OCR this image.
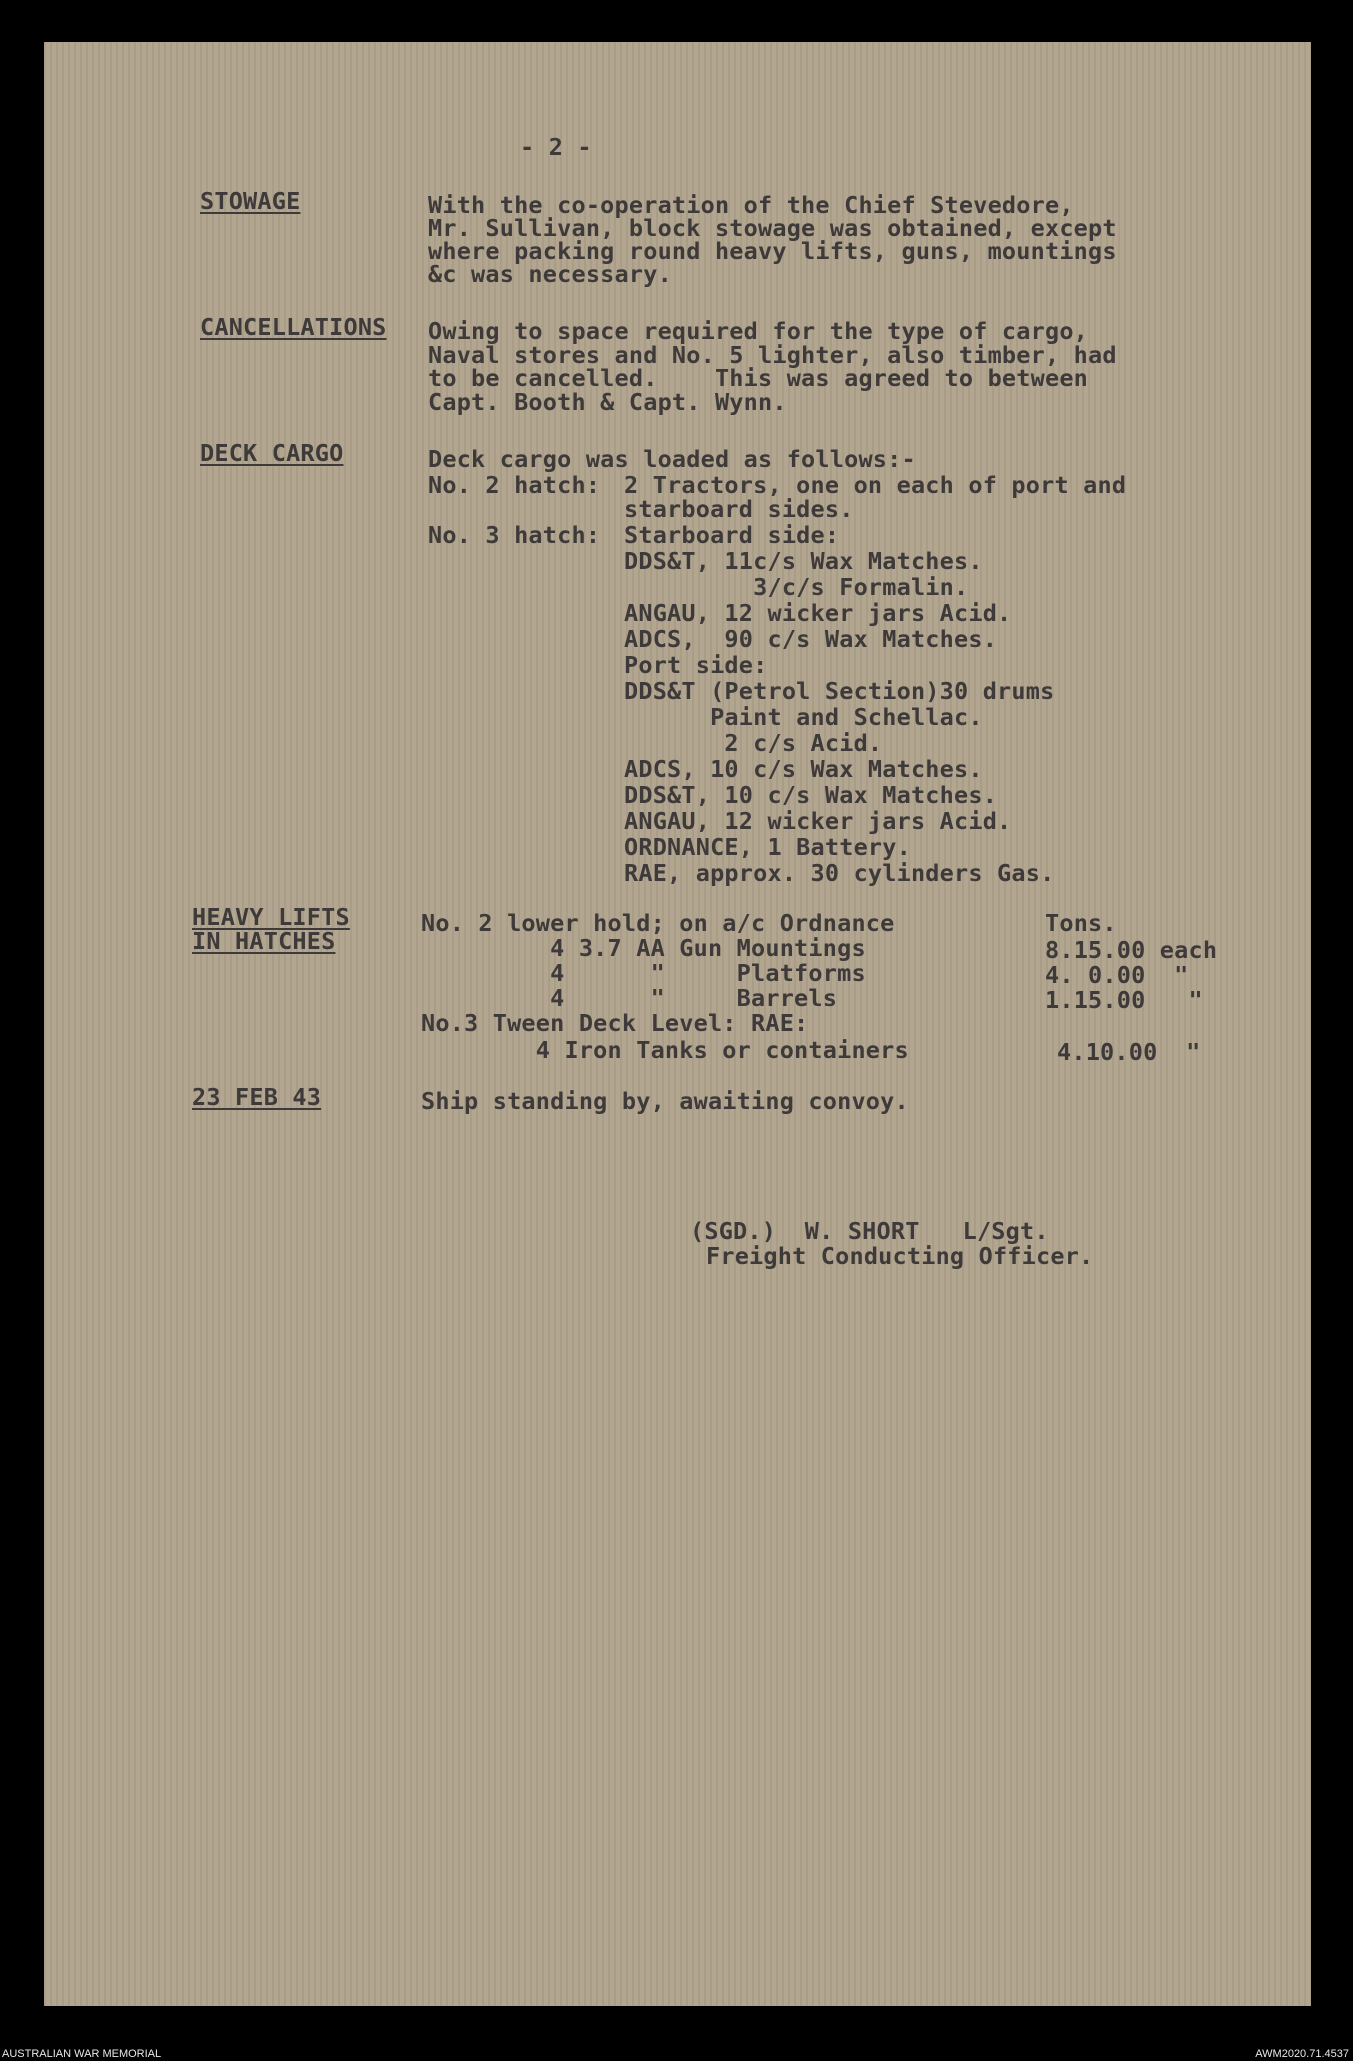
- 2 -
STOWAGE	With the co-operation of the Chief Stevedore,
Mr. Sullivan, block stowage was obtained, except
where packing round heavy lifts, guns, mountings
&c was necessary.
CANCELLATIONS Owing to space required for the type of cargo,
Naval stores and No. 5 lighter, also timber, had
to be cancelled.    This was agreed to between
Capt. Booth & Capt. Wynn.
DECK CARGO	Deck cargo was loaded as follows:-
No. 2 hatch: 2 Tractors, one on each of port and
starboard sides.
No. 3 hatch: Starboard side:
DDS&T, 11c/s Wax Matches.
3/c/s Formalin.
ANGAU, 12 wicker jars Acid.
ADCS,  90 c/s Wax Matches.
Port side:
DDS&T (Petrol Section)30 drums
Paint and Schellac.
2 c/s Acid.
ADCS, 10 c/s Wax Matches.
DDS&T, 10 c/s Wax Matches.
ANGAU, 12 wicker jars Acid.
ORDNANCE, 1 Battery.
RAE, approx. 30 cylinders Gas.
HEAVY LIFTS
IN HATCHES
No. 2 lower hold; on a/c Ordnance	Tons.
4 3.7 AA Gun Mountings	8.15.00 each
4      "     Platforms	4. 0.00  "
4      "     Barrels	1.15.00   "
No.3 Tween Deck Level: RAE:
4 Iron Tanks or containers	4.10.00  "
23 FEB 43	Ship standing by, awaiting convoy.
(SGD.)  W. SHORT   L/Sgt.
Freight Conducting Officer.
AUSTRALIAN WAR MEMORIAL	AWM2020.71.4537
